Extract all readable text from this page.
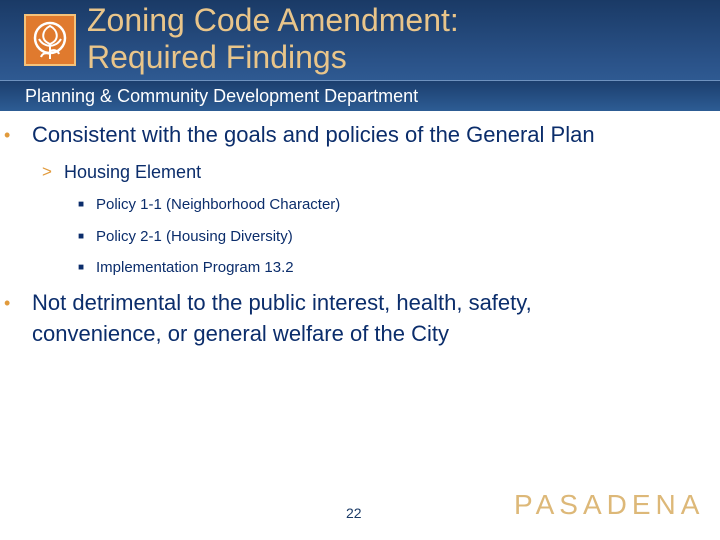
Zoning Code Amendment:
Required Findings
Planning & Community Development Department
• Consistent with the goals and policies of the General Plan
> Housing Element
■ Policy 1-1 (Neighborhood Character)
■ Policy 2-1 (Housing Diversity)
■ Implementation Program 13.2
• Not detrimental to the public interest, health, safety,
convenience, or general welfare of the City
22	PASADENA
